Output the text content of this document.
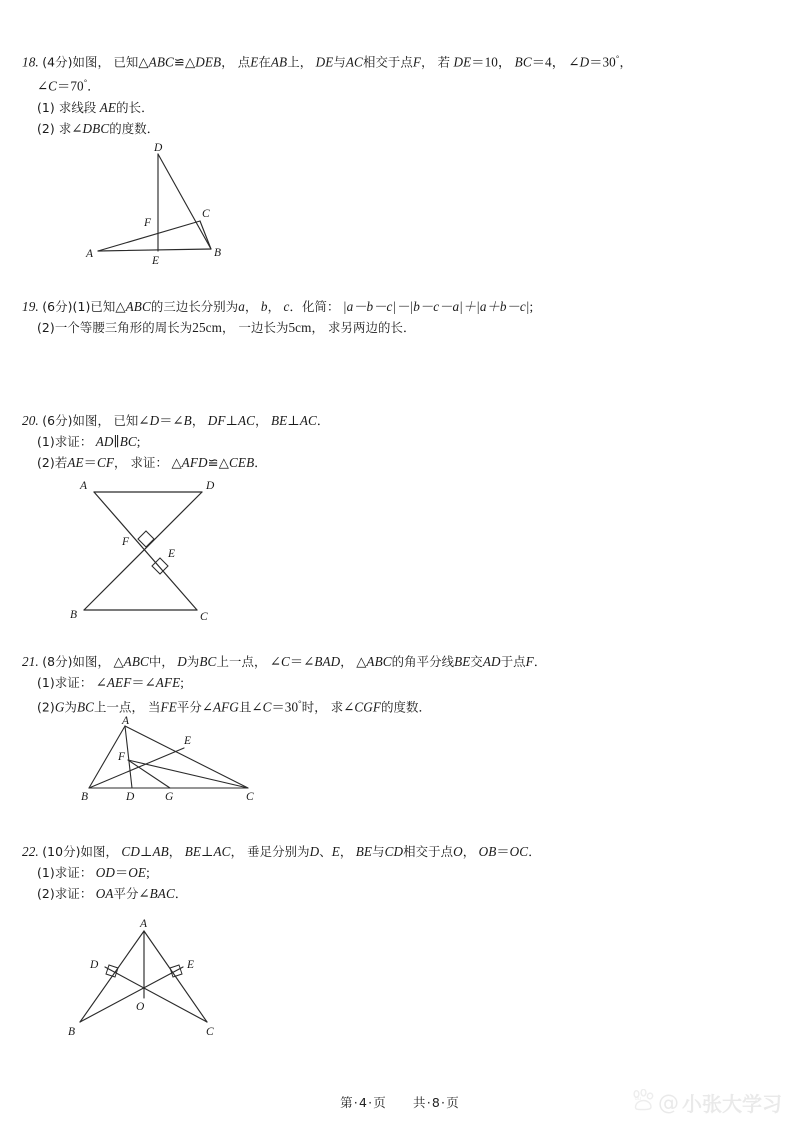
18. (4分)如图， 已知△ABC≌△DEB， 点E在AB上， DE与AC相交于点F， 若 DE＝10， BC＝4， ∠D＝30°，
∠C＝70°．
(1) 求线段 AE的长．
(2) 求∠DBC的度数．
D
C
F
A
E
B
19. (6分)(1)已知△ABC的三边长分别为a， b， c．化简： |a－b－c|－|b－c－a|＋|a＋b－c|;
(2)一个等腰三角形的周长为25cm， 一边长为5cm， 求另两边的长．
20. (6分)如图， 已知∠D＝∠B， DF⊥AC， BE⊥AC．
(1)求证： AD∥BC;
(2)若AE＝CF， 求证： △AFD≌△CEB．
A	D
F
E
B	C
21. (8分)如图， △ABC中， D为BC上一点， ∠C＝∠BAD， △ABC的角平分线BE交AD于点F．
(1)求证： ∠AEF＝∠AFE;
(2)G为BC上一点， 当FE平分∠AFG且∠C＝30°时， 求∠CGF的度数．
A
E
F
B	D	G	C
22. (10分)如图， CD⊥AB， BE⊥AC， 垂足分别为D、E， BE与CD相交于点O， OB＝OC．
(1)求证： OD＝OE;
(2)求证： OA平分∠BAC．
A
D	E
O
B	C
第·4·页 共·8·页	du @ 小张大学习
